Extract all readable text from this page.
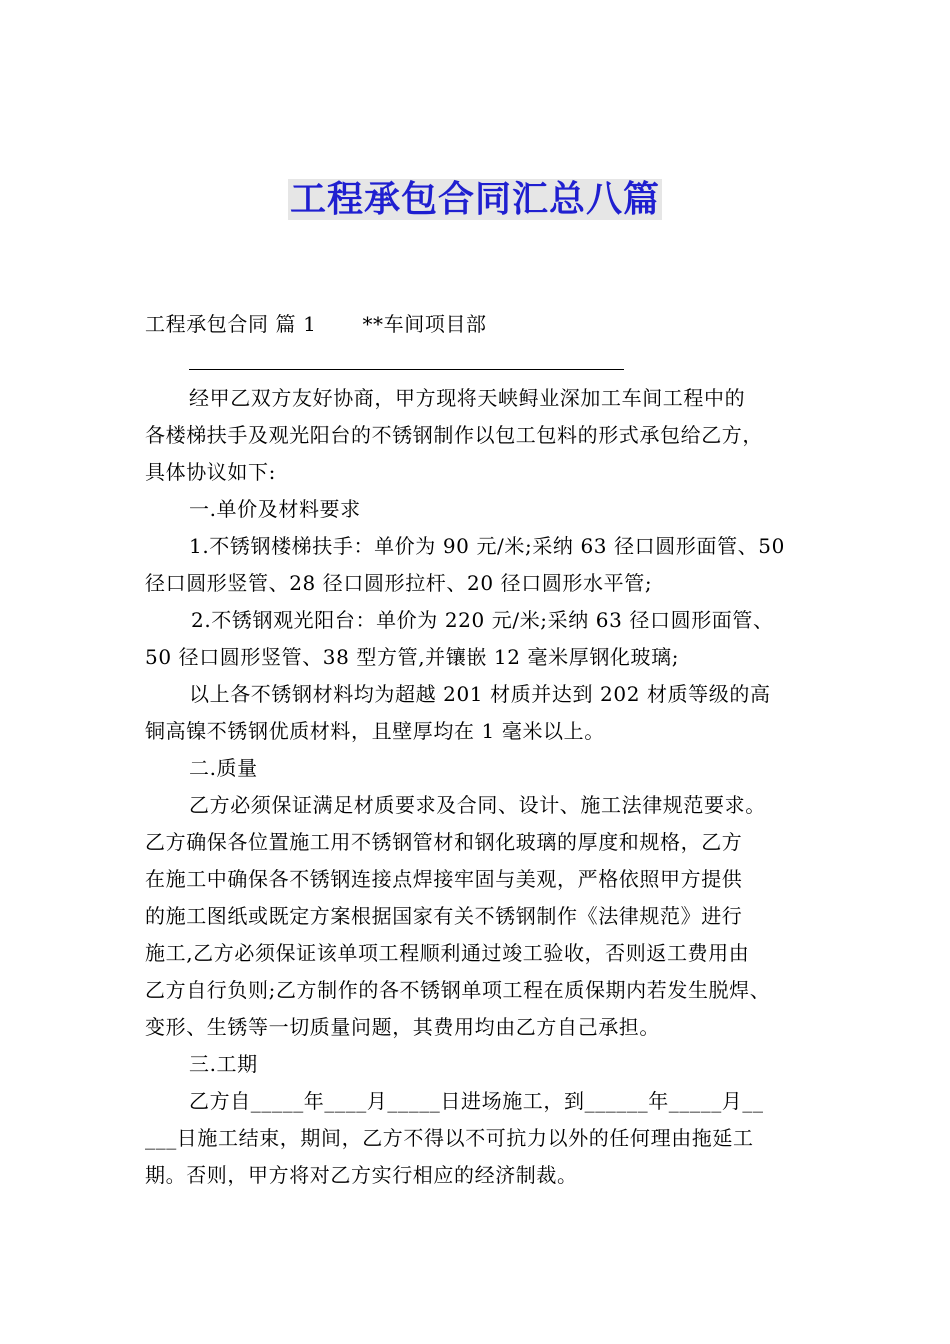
工程承包合同汇总八篇

工程承包合同 篇 1 **车间项目部

经甲乙双方友好协商，甲方现将天峡鲟业深加工车间工程中的

各楼梯扶手及观光阳台的不锈钢制作以包工包料的形式承包给乙方，

具体协议如下:

一.单价及材料要求

1.不锈钢楼梯扶手：单价为 90 元/米;采纳 63 径口圆形面管、50

径口圆形竖管、28 径口圆形拉杆、20 径口圆形水平管;

2.不锈钢观光阳台：单价为 220 元/米;采纳 63 径口圆形面管、

50 径口圆形竖管、38 型方管,并镶嵌 12 毫米厚钢化玻璃;

以上各不锈钢材料均为超越 201 材质并达到 202 材质等级的高

铜高镍不锈钢优质材料，且壁厚均在 1 毫米以上。

二.质量

乙方必须保证满足材质要求及合同、设计、施工法律规范要求。

乙方确保各位置施工用不锈钢管材和钢化玻璃的厚度和规格，乙方

在施工中确保各不锈钢连接点焊接牢固与美观，严格依照甲方提供

的施工图纸或既定方案根据国家有关不锈钢制作《法律规范》进行

施工,乙方必须保证该单项工程顺利通过竣工验收，否则返工费用由

乙方自行负则;乙方制作的各不锈钢单项工程在质保期内若发生脱焊、

变形、生锈等一切质量问题，其费用均由乙方自己承担。

三.工期

乙方自_____年____月_____日进场施工，到______年_____月__

___日施工结束，期间，乙方不得以不可抗力以外的任何理由拖延工

期。否则，甲方将对乙方实行相应的经济制裁。
